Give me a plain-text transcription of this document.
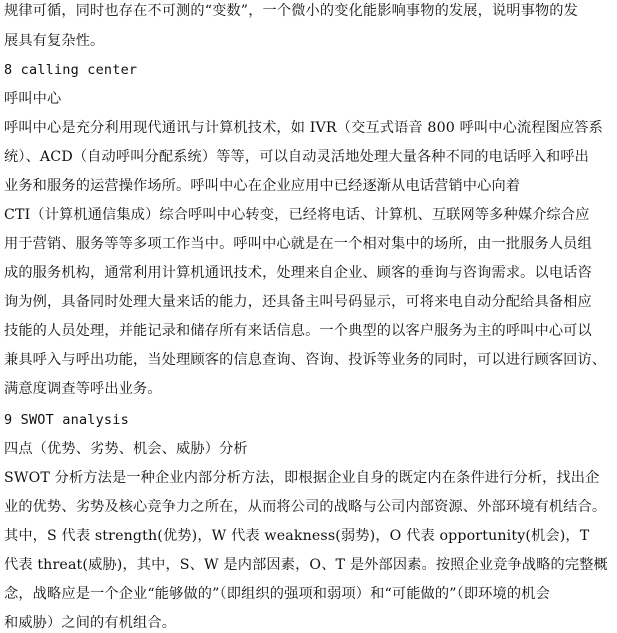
规律可循，同时也存在不可测的“变数”，一个微小的变化能影响事物的发展，说明事物的发
展具有复杂性。
8 calling center
呼叫中心
呼叫中心是充分利用现代通讯与计算机技术，如 IVR（交互式语音 800 呼叫中心流程图应答系
统）、ACD（自动呼叫分配系统）等等，可以自动灵活地处理大量各种不同的电话呼入和呼出
业务和服务的运营操作场所。呼叫中心在企业应用中已经逐渐从电话营销中心向着
CTI（计算机通信集成）综合呼叫中心转变，已经将电话、计算机、互联网等多种媒介综合应
用于营销、服务等等多项工作当中。呼叫中心就是在一个相对集中的场所，由一批服务人员组
成的服务机构，通常利用计算机通讯技术，处理来自企业、顾客的垂询与咨询需求。以电话咨
询为例，具备同时处理大量来话的能力，还具备主叫号码显示，可将来电自动分配给具备相应
技能的人员处理，并能记录和储存所有来话信息。一个典型的以客户服务为主的呼叫中心可以
兼具呼入与呼出功能，当处理顾客的信息查询、咨询、投诉等业务的同时，可以进行顾客回访、
满意度调查等呼出业务。
9 SWOT analysis
四点（优势、劣势、机会、威胁）分析
SWOT 分析方法是一种企业内部分析方法，即根据企业自身的既定内在条件进行分析，找出企
业的优势、劣势及核心竞争力之所在，从而将公司的战略与公司内部资源、外部环境有机结合。
其中，S 代表 strength(优势)，W 代表 weakness(弱势)，O 代表 opportunity(机会)，T
代表 threat(威胁)，其中，S、W 是内部因素，O、T 是外部因素。按照企业竞争战略的完整概
念，战略应是一个企业“能够做的”（即组织的强项和弱项）和“可能做的”（即环境的机会
和威胁）之间的有机组合。
